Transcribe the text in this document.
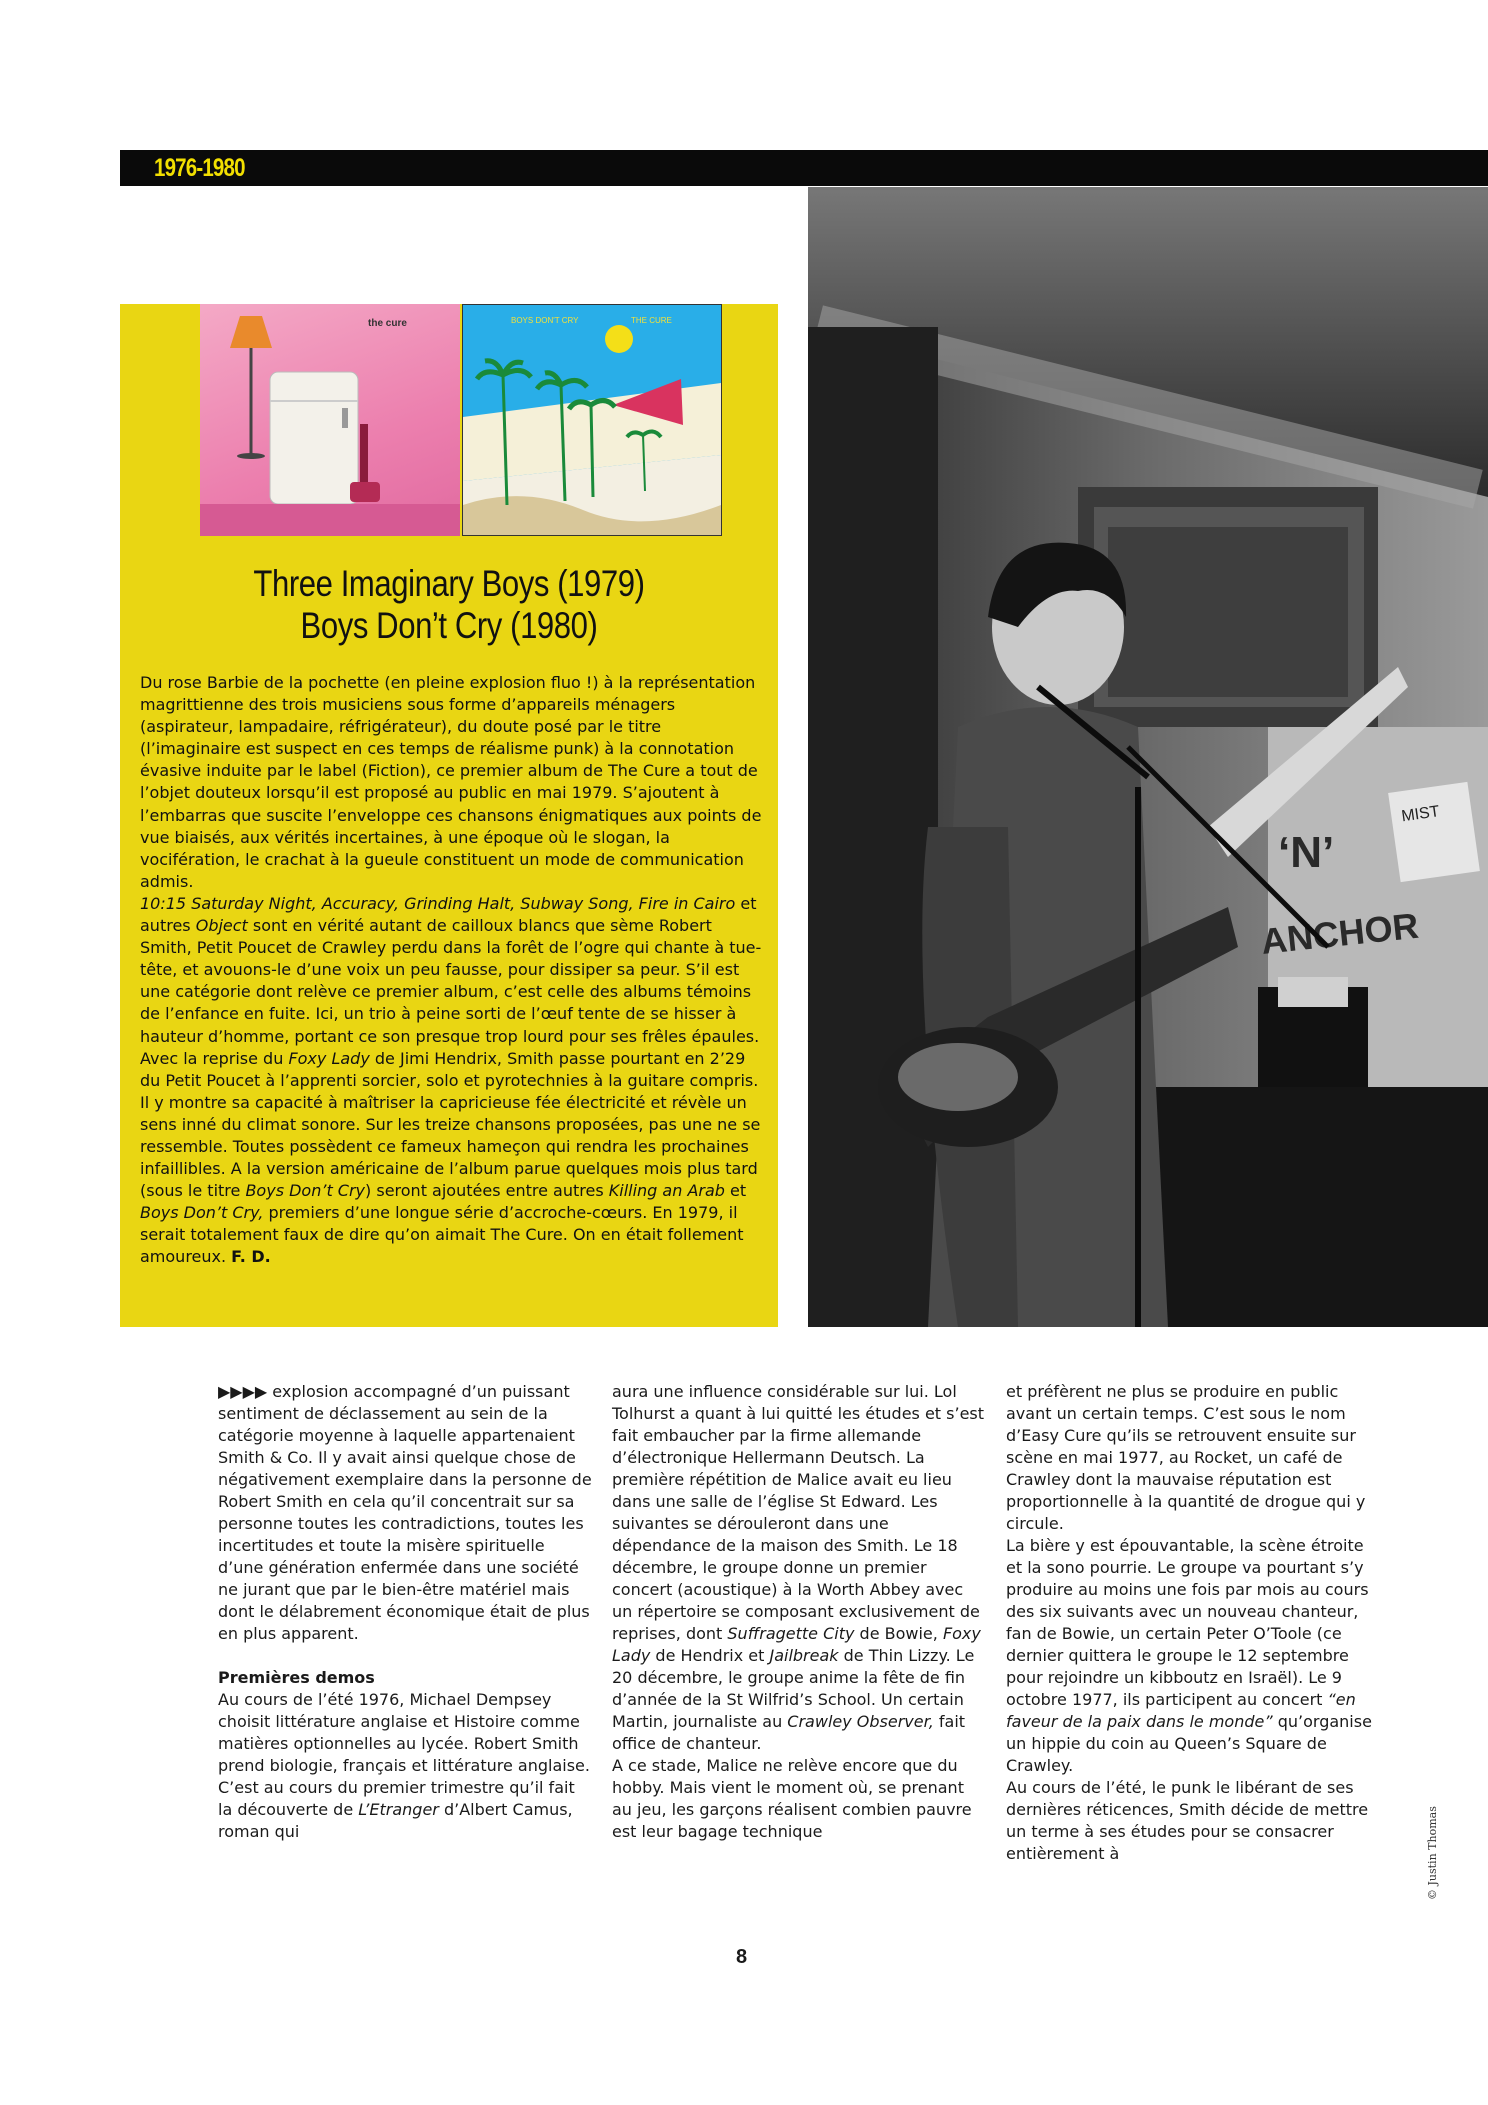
1976-1980
the cure	BOYS DON'T CRY	THE CURE
Three Imaginary Boys (1979)
Boys Don’t Cry (1980)

Du rose Barbie de la pochette (en pleine explosion fluo !) à la représentation magrittienne des trois musiciens sous forme d’appareils ménagers (aspirateur, lampadaire, réfrigérateur), du doute posé par le titre (l’imaginaire est suspect en ces temps de réalisme punk) à la connotation évasive induite par le label (Fiction), ce premier album de The Cure a tout de l’objet douteux lorsqu’il est proposé au public en mai 1979. S’ajoutent à l’embarras que suscite l’enveloppe ces chansons énigmatiques aux points de vue biaisés, aux vérités incertaines, à une époque où le slogan, la vocifération, le crachat à la gueule constituent un mode de communication admis.

10:15 Saturday Night, Accuracy, Grinding Halt, Subway Song, Fire in Cairo et autres Object sont en vérité autant de cailloux blancs que sème Robert Smith, Petit Poucet de Crawley perdu dans la forêt de l’ogre qui chante à tue-tête, et avouons-le d’une voix un peu fausse, pour dissiper sa peur. S’il est une catégorie dont relève ce premier album, c’est celle des albums témoins de l’enfance en fuite. Ici, un trio à peine sorti de l’œuf tente de se hisser à hauteur d’homme, portant ce son presque trop lourd pour ses frêles épaules.

Avec la reprise du Foxy Lady de Jimi Hendrix, Smith passe pourtant en 2’29 du Petit Poucet à l’apprenti sorcier, solo et pyrotechnies à la guitare compris. Il y montre sa capacité à maîtriser la capricieuse fée électricité et révèle un sens inné du climat sonore. Sur les treize chansons proposées, pas une ne se ressemble. Toutes possèdent ce fameux hameçon qui rendra les prochaines infaillibles. A la version américaine de l’album parue quelques mois plus tard (sous le titre Boys Don’t Cry) seront ajoutées entre autres Killing an Arab et Boys Don’t Cry, premiers d’une longue série d’accroche-cœurs. En 1979, il serait totalement faux de dire qu’on aimait The Cure. On en était follement amoureux. F. D.

‘N’
ANCHOR
MIST

▶▶▶▶ explosion accompagné d’un puissant sentiment de déclassement au sein de la catégorie moyenne à laquelle appartenaient Smith & Co. Il y avait ainsi quelque chose de négativement exemplaire dans la personne de Robert Smith en cela qu’il concentrait sur sa personne toutes les contradictions, toutes les incertitudes et toute la misère spirituelle d’une génération enfermée dans une société ne jurant que par le bien-être matériel mais dont le délabrement économique était de plus en plus apparent.

Premières demos

Au cours de l’été 1976, Michael Dempsey choisit littérature anglaise et Histoire comme matières optionnelles au lycée. Robert Smith prend biologie, français et littérature anglaise. C’est au cours du premier trimestre qu’il fait la découverte de L’Etranger d’Albert Camus, roman qui

aura une influence considérable sur lui. Lol Tolhurst a quant à lui quitté les études et s’est fait embaucher par la firme allemande d’électronique Hellermann Deutsch. La première répétition de Malice avait eu lieu dans une salle de l’église St Edward. Les suivantes se dérouleront dans une dépendance de la maison des Smith. Le 18 décembre, le groupe donne un premier concert (acoustique) à la Worth Abbey avec un répertoire se composant exclusivement de reprises, dont Suffragette City de Bowie, Foxy Lady de Hendrix et Jailbreak de Thin Lizzy. Le 20 décembre, le groupe anime la fête de fin d’année de la St Wilfrid’s School. Un certain Martin, journaliste au Crawley Observer, fait office de chanteur.

A ce stade, Malice ne relève encore que du hobby. Mais vient le moment où, se prenant au jeu, les garçons réalisent combien pauvre est leur bagage technique

et préfèrent ne plus se produire en public avant un certain temps. C’est sous le nom d’Easy Cure qu’ils se retrouvent ensuite sur scène en mai 1977, au Rocket, un café de Crawley dont la mauvaise réputation est proportionnelle à la quantité de drogue qui y circule.

La bière y est épouvantable, la scène étroite et la sono pourrie. Le groupe va pourtant s’y produire au moins une fois par mois au cours des six suivants avec un nouveau chanteur, fan de Bowie, un certain Peter O’Toole (ce dernier quittera le groupe le 12 septembre pour rejoindre un kibboutz en Israël). Le 9 octobre 1977, ils participent au concert “en faveur de la paix dans le monde” qu’organise un hippie du coin au Queen’s Square de Crawley.

Au cours de l’été, le punk le libérant de ses dernières réticences, Smith décide de mettre un terme à ses études pour se consacrer entièrement à

8
© Justin Thomas
